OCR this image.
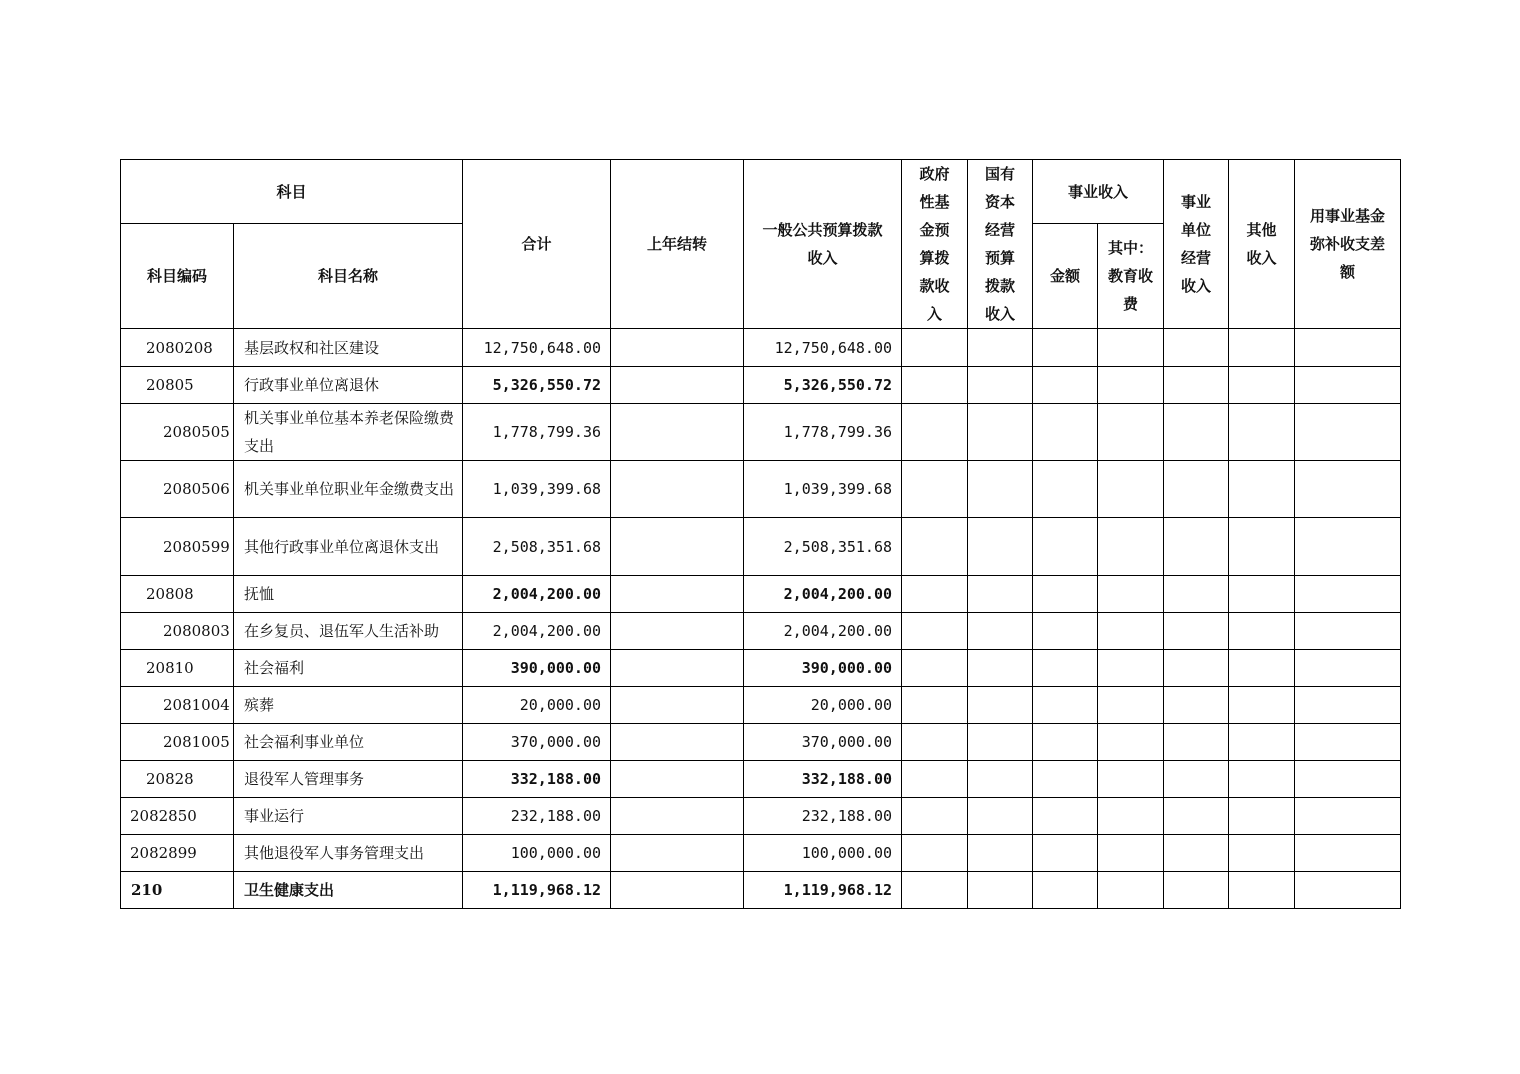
科目		合计	上年结转	一般公共预算拨款收入	政府性基金预算拨款收入	国有资本经营预算拨款收入	事业收入		事业单位经营收入	其他收入	用事业基金弥补收支差额
科目编码	科目名称						金额	其中：教育收费			
2080208	基层政权和社区建设	12,750,648.00		12,750,648.00							
20805	行政事业单位离退休	5,326,550.72		5,326,550.72							
2080505	机关事业单位基本养老保险缴费支出	1,778,799.36		1,778,799.36							
2080506	机关事业单位职业年金缴费支出	1,039,399.68		1,039,399.68							
2080599	其他行政事业单位离退休支出	2,508,351.68		2,508,351.68							
20808	抚恤	2,004,200.00		2,004,200.00							
2080803	在乡复员、退伍军人生活补助	2,004,200.00		2,004,200.00							
20810	社会福利	390,000.00		390,000.00							
2081004	殡葬	20,000.00		20,000.00							
2081005	社会福利事业单位	370,000.00		370,000.00							
20828	退役军人管理事务	332,188.00		332,188.00							
2082850	事业运行	232,188.00		232,188.00							
2082899	其他退役军人事务管理支出	100,000.00		100,000.00							
210	卫生健康支出	1,119,968.12		1,119,968.12							
